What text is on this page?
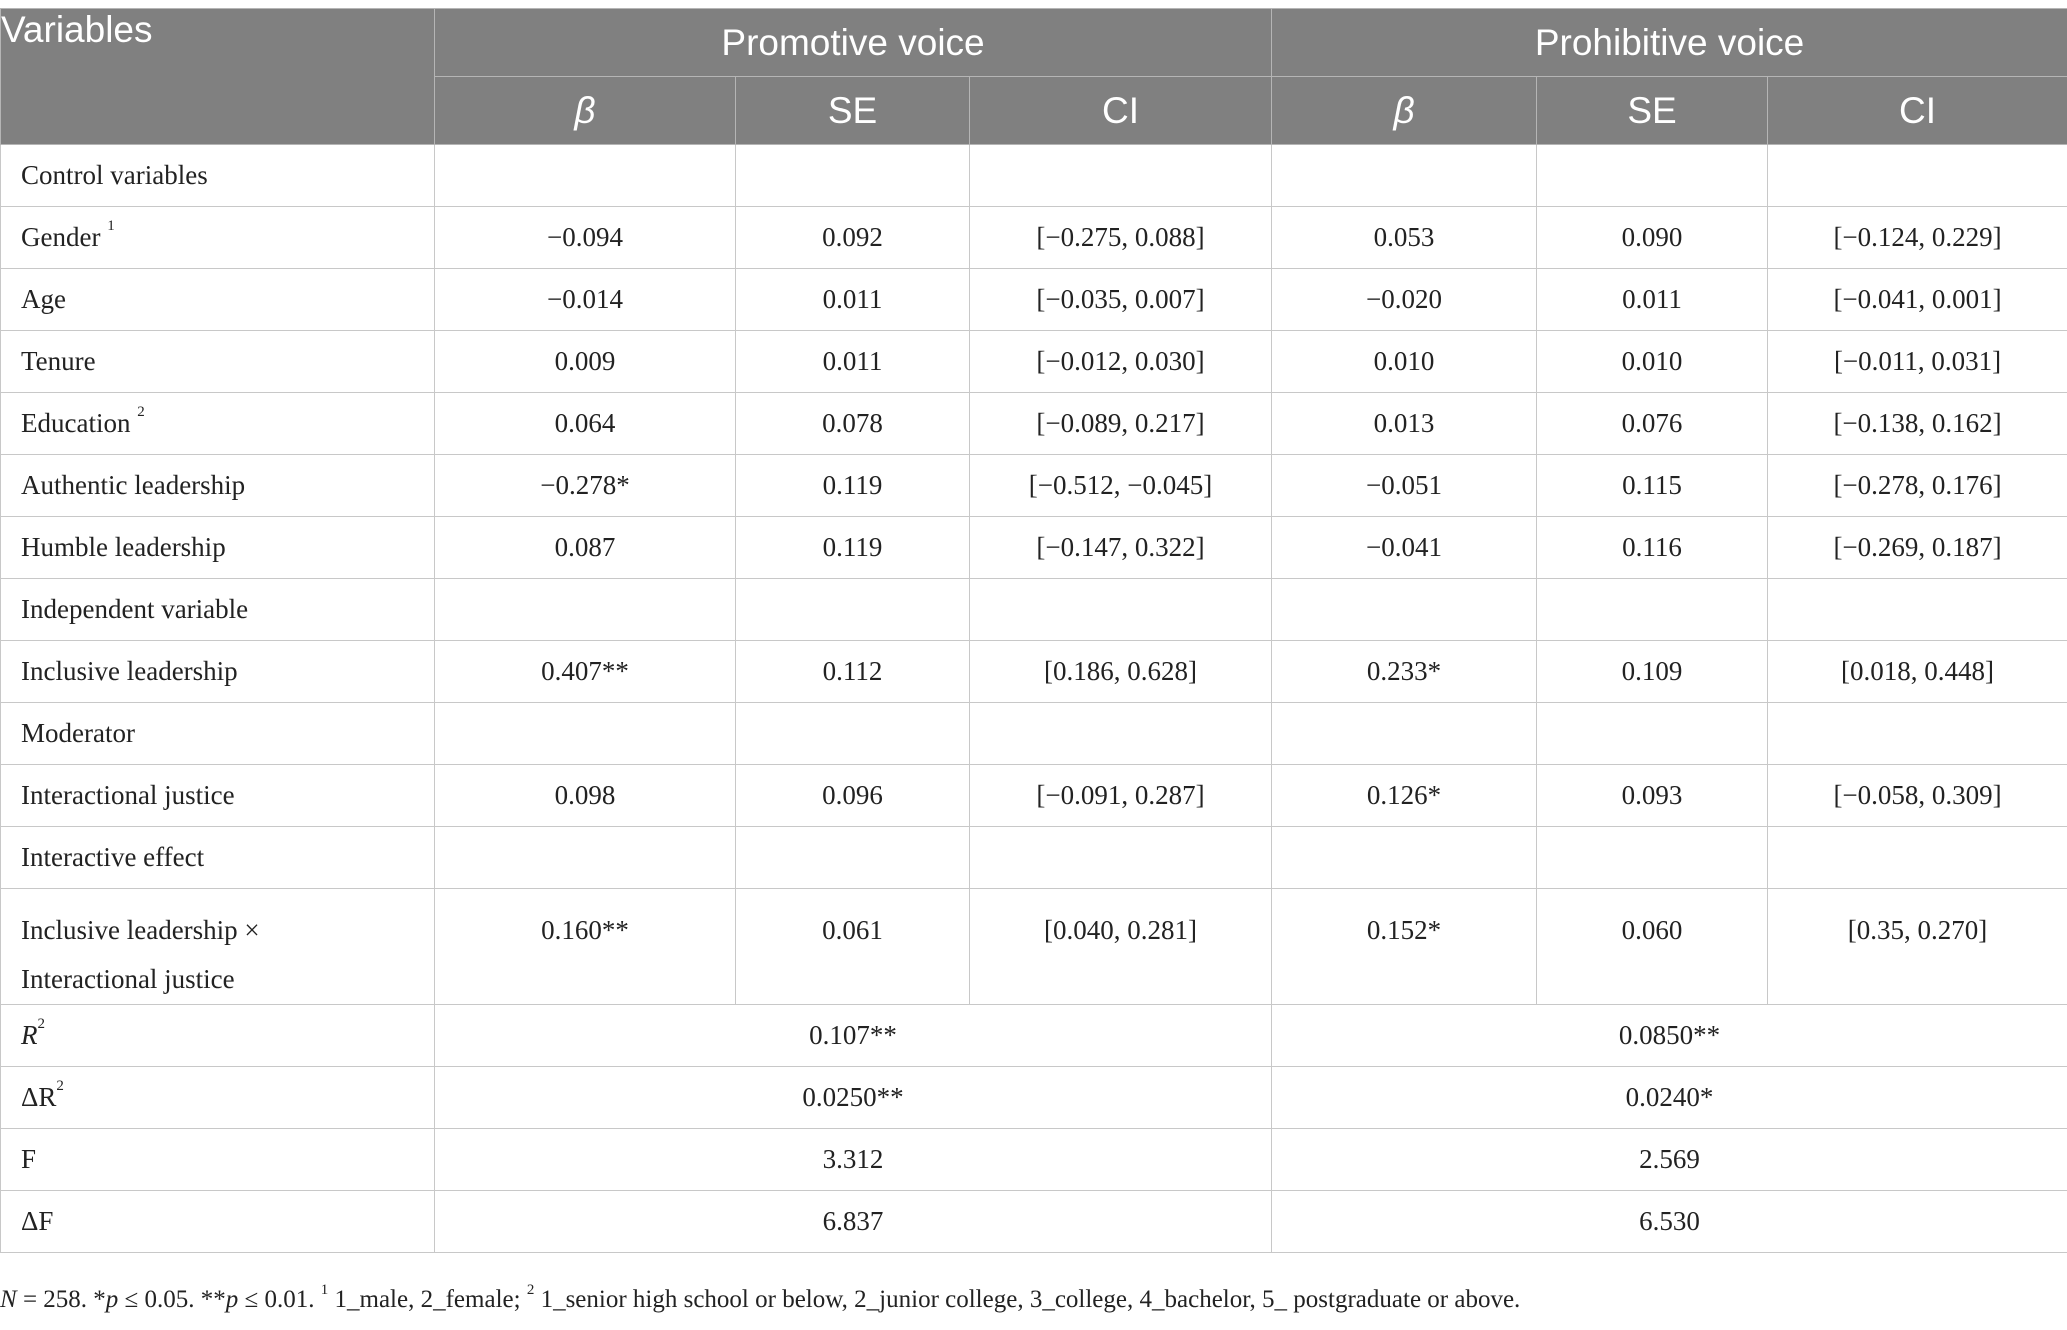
Variables	Promotive voice			Prohibitive voice		
	β	SE	CI	β	SE	CI
Control variables						
Gender $^1$	−0.094	0.092	[−0.275, 0.088]	0.053	0.090	[−0.124, 0.229]
Age	−0.014	0.011	[−0.035, 0.007]	−0.020	0.011	[−0.041, 0.001]
Tenure	0.009	0.011	[−0.012, 0.030]	0.010	0.010	[−0.011, 0.031]
Education $^2$	0.064	0.078	[−0.089, 0.217]	0.013	0.076	[−0.138, 0.162]
Authentic leadership	−0.278*	0.119	[−0.512, −0.045]	−0.051	0.115	[−0.278, 0.176]
Humble leadership	0.087	0.119	[−0.147, 0.322]	−0.041	0.116	[−0.269, 0.187]
Independent variable						
Inclusive leadership	0.407**	0.112	[0.186, 0.628]	0.233*	0.109	[0.018, 0.448]
Moderator						
Interactional justice	0.098	0.096	[−0.091, 0.287]	0.126*	0.093	[−0.058, 0.309]
Interactive effect						
Inclusive leadership ×
Interactional justice	0.160**	0.061	[0.040, 0.281]	0.152*	0.060	[0.35, 0.270]
$R^2$	0.107**			0.0850**		
$\Delta R^2$	0.0250**			0.0240*		
F	3.312			2.569		
ΔF	6.837			6.530		
N = 258. *p ≤ 0.05. **p ≤ 0.01. $^1$ 1_male, 2_female; $^2$ 1_senior high school or below, 2_junior college, 3_college, 4_bachelor, 5_ postgraduate or above.
